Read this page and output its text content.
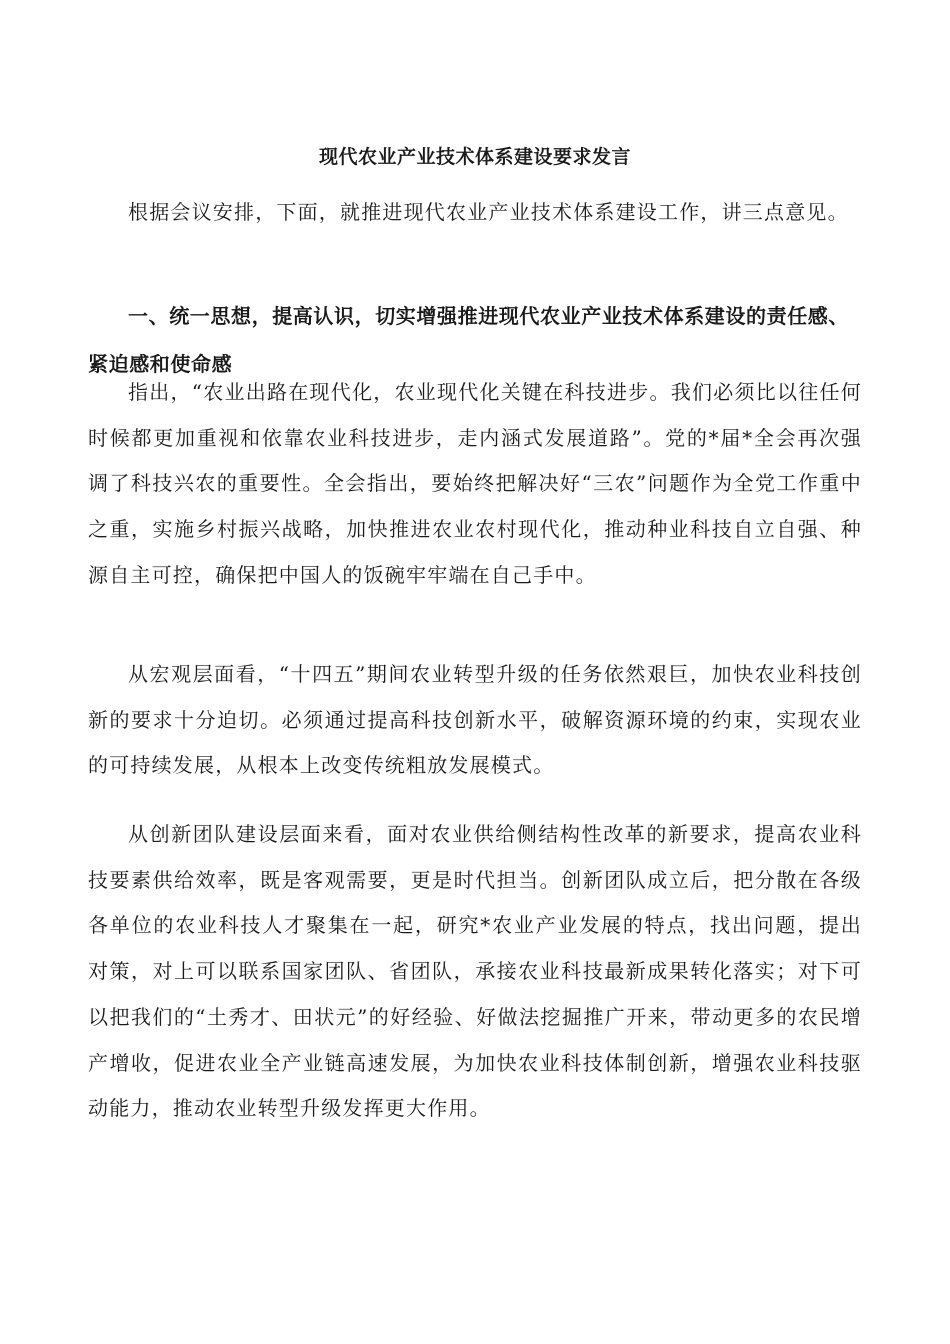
现代农业产业技术体系建设要求发言

根据会议安排，下面，就推进现代农业产业技术体系建设工作，讲三点意见。

一、统一思想，提高认识，切实增强推进现代农业产业技术体系建设的责任感、紧迫感和使命感

指出，“农业出路在现代化，农业现代化关键在科技进步。我们必须比以往任何时候都更加重视和依靠农业科技进步，走内涵式发展道路”。党的*届*全会再次强调了科技兴农的重要性。全会指出，要始终把解决好“三农”问题作为全党工作重中之重，实施乡村振兴战略，加快推进农业农村现代化，推动种业科技自立自强、种源自主可控，确保把中国人的饭碗牢牢端在自己手中。

从宏观层面看，“十四五”期间农业转型升级的任务依然艰巨，加快农业科技创新的要求十分迫切。必须通过提高科技创新水平，破解资源环境的约束，实现农业的可持续发展，从根本上改变传统粗放发展模式。

从创新团队建设层面来看，面对农业供给侧结构性改革的新要求，提高农业科技要素供给效率，既是客观需要，更是时代担当。创新团队成立后，把分散在各级各单位的农业科技人才聚集在一起，研究*农业产业发展的特点，找出问题，提出对策，对上可以联系国家团队、省团队，承接农业科技最新成果转化落实；对下可以把我们的“土秀才、田状元”的好经验、好做法挖掘推广开来，带动更多的农民增产增收，促进农业全产业链高速发展，为加快农业科技体制创新，增强农业科技驱动能力，推动农业转型升级发挥更大作用。
